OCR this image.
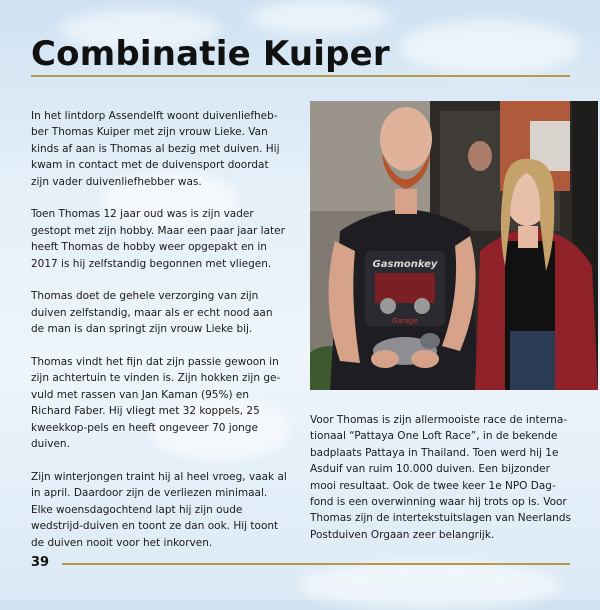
Combinatie Kuiper

In het lintdorp Assendelft woont duivenliefheb-ber Thomas Kuiper met zijn vrouw Lieke. Van kinds af aan is Thomas al bezig met duiven. Hij kwam in contact met de duivensport doordat zijn vader duivenliefhebber was.

Toen Thomas 12 jaar oud was is zijn vader gestopt met zijn hobby. Maar een paar jaar later heeft Thomas de hobby weer opgepakt en in 2017 is hij zelfstandig begonnen met vliegen.

Thomas doet de gehele verzorging van zijn duiven zelfstandig, maar als er echt nood aan de man is dan springt zijn vrouw Lieke bij.

Thomas vindt het fijn dat zijn passie gewoon in zijn achtertuin te vinden is. Zijn hokken zijn ge-vuld met rassen van Jan Kaman (95%) en Richard Faber. Hij vliegt met 32 koppels, 25 kweekkop-pels en heeft ongeveer 70 jonge duiven.

Zijn winterjongen traint hij al heel vroeg, vaak al in april. Daardoor zijn de verliezen minimaal. Elke woensdagochtend lapt hij zijn oude wedstrijd-duiven en toont ze dan ook. Hij toont de duiven nooit voor het inkorven.

Gasmonkey
Garage

Voor Thomas is zijn allermooiste race de interna-tionaal “Pattaya One Loft Race”, in de bekende badplaats Pattaya in Thailand. Toen werd hij 1e Asduif van ruim 10.000 duiven. Een bijzonder mooi resultaat. Ook de twee keer 1e NPO Dag-fond is een overwinning waar hij trots op is. Voor Thomas zijn de intertekstuitslagen van Neerlands Postduiven Orgaan zeer belangrijk.

39
